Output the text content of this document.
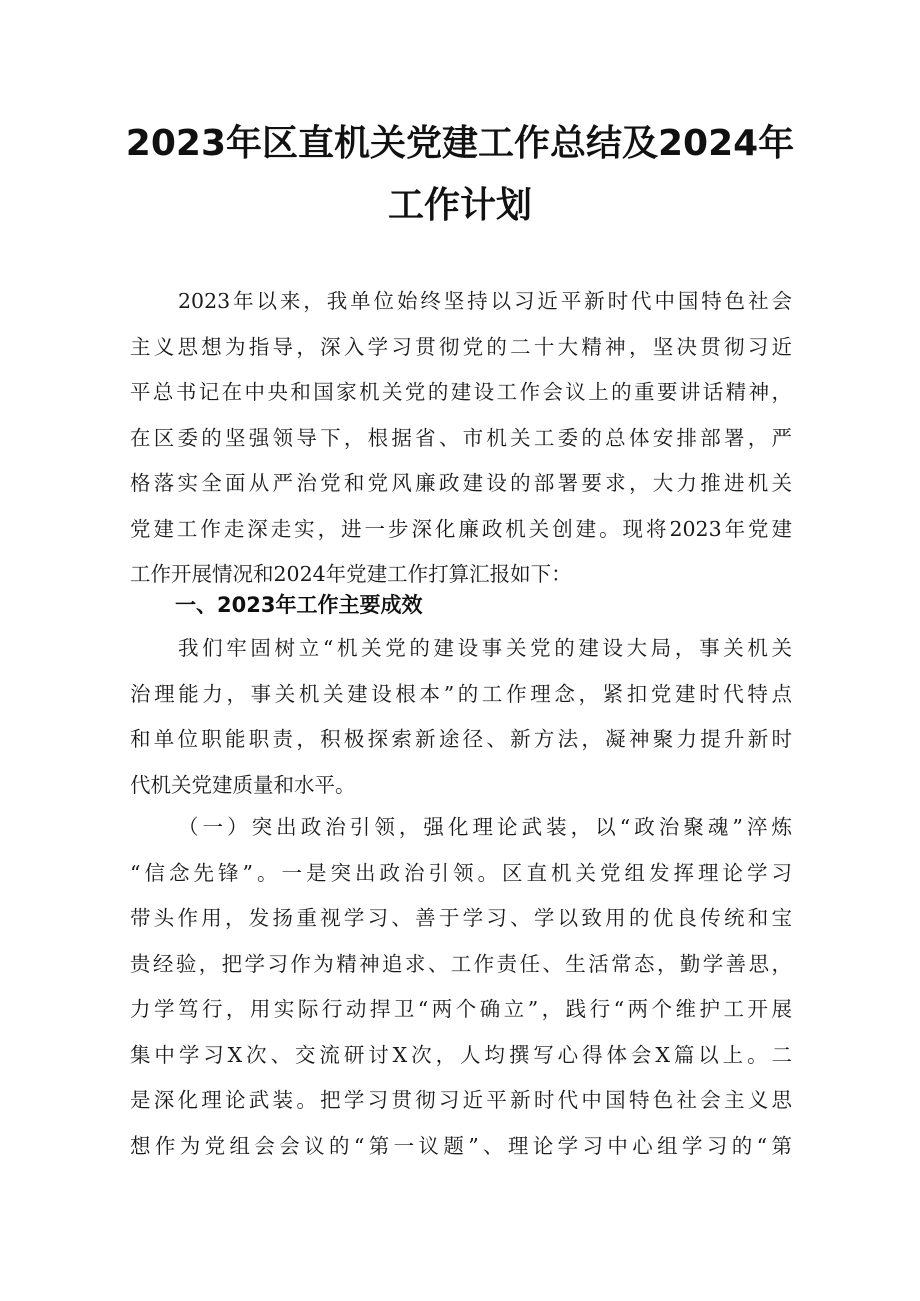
2023年区直机关党建工作总结及2024年
工作计划

2023年以来，我单位始终坚持以习近平新时代中国特色社会
主义思想为指导，深入学习贯彻党的二十大精神，坚决贯彻习近
平总书记在中央和国家机关党的建设工作会议上的重要讲话精神，
在区委的坚强领导下，根据省、市机关工委的总体安排部署，严
格落实全面从严治党和党风廉政建设的部署要求，大力推进机关
党建工作走深走实，进一步深化廉政机关创建。现将2023年党建
工作开展情况和2024年党建工作打算汇报如下：

一、2023年工作主要成效

我们牢固树立“机关党的建设事关党的建设大局，事关机关
治理能力，事关机关建设根本”的工作理念，紧扣党建时代特点
和单位职能职责，积极探索新途径、新方法，凝神聚力提升新时
代机关党建质量和水平。

（一）突出政治引领，强化理论武装，以“政治聚魂”淬炼
“信念先锋”。一是突出政治引领。区直机关党组发挥理论学习
带头作用，发扬重视学习、善于学习、学以致用的优良传统和宝
贵经验，把学习作为精神追求、工作责任、生活常态，勤学善思，
力学笃行，用实际行动捍卫“两个确立”，践行“两个维护工开展
集中学习X次、交流研讨X次，人均撰写心得体会X篇以上。二
是深化理论武装。把学习贯彻习近平新时代中国特色社会主义思
想作为党组会会议的“第一议题”、理论学习中心组学习的“第
